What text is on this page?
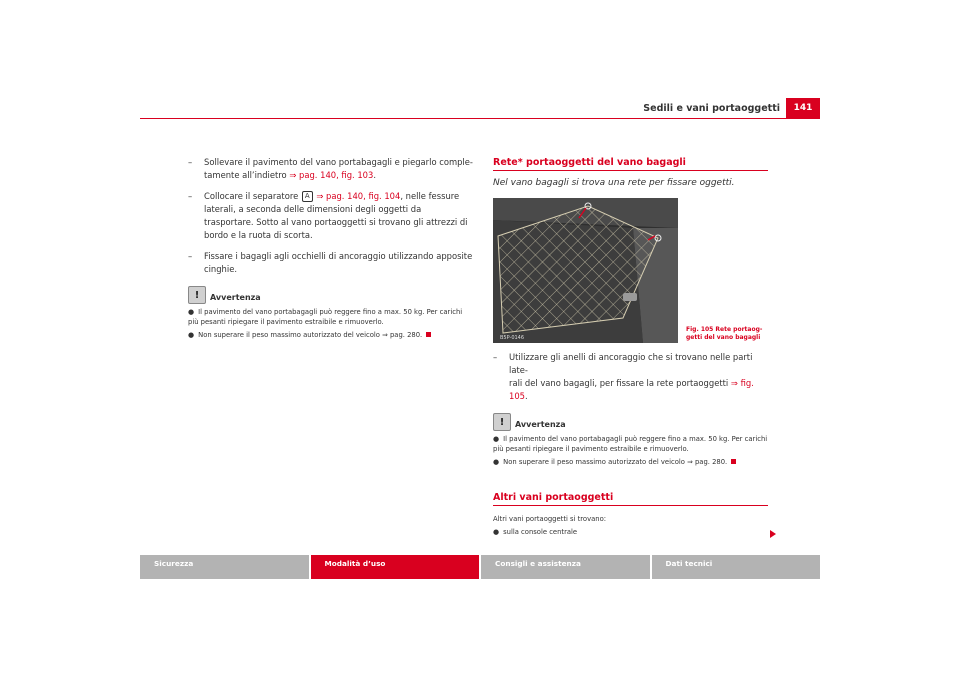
Sedili e vani portaoggetti	141
– Sollevare il pavimento del vano portabagagli e piegarlo comple-
tamente all’indietro ⇒ pag. 140, fig. 103.
– Collocare il separatore A ⇒ pag. 140, fig. 104, nelle fessure laterali, a seconda delle dimensioni degli oggetti da trasportare. Sotto al vano portaoggetti si trovano gli attrezzi di bordo e la ruota di scorta.
– Fissare i bagagli agli occhielli di ancoraggio utilizzando apposite cinghie.
!	Avvertenza
● Il pavimento del vano portabagagli può reggere fino a max. 50 kg. Per carichi più pesanti ripiegare il pavimento estraibile e rimuoverlo.
● Non superare il peso massimo autorizzato del veicolo ⇒ pag. 280.
Rete* portaoggetti del vano bagagli
Nel vano bagagli si trova una rete per fissare oggetti.
B5P-0146
– Utilizzare gli anelli di ancoraggio che si trovano nelle parti late-
rali del vano bagagli, per fissare la rete portaoggetti ⇒ fig. 105.
!	Avvertenza
● Il pavimento del vano portabagagli può reggere fino a max. 50 kg. Per carichi più pesanti ripiegare il pavimento estraibile e rimuoverlo.
● Non superare il peso massimo autorizzato del veicolo ⇒ pag. 280.
Altri vani portaoggetti
Altri vani portaoggetti si trovano:
● sulla console centrale
Fig. 105 Rete portaog-
getti del vano bagagli
Sicurezza	Modalità d’uso	Consigli e assistenza	Dati tecnici
